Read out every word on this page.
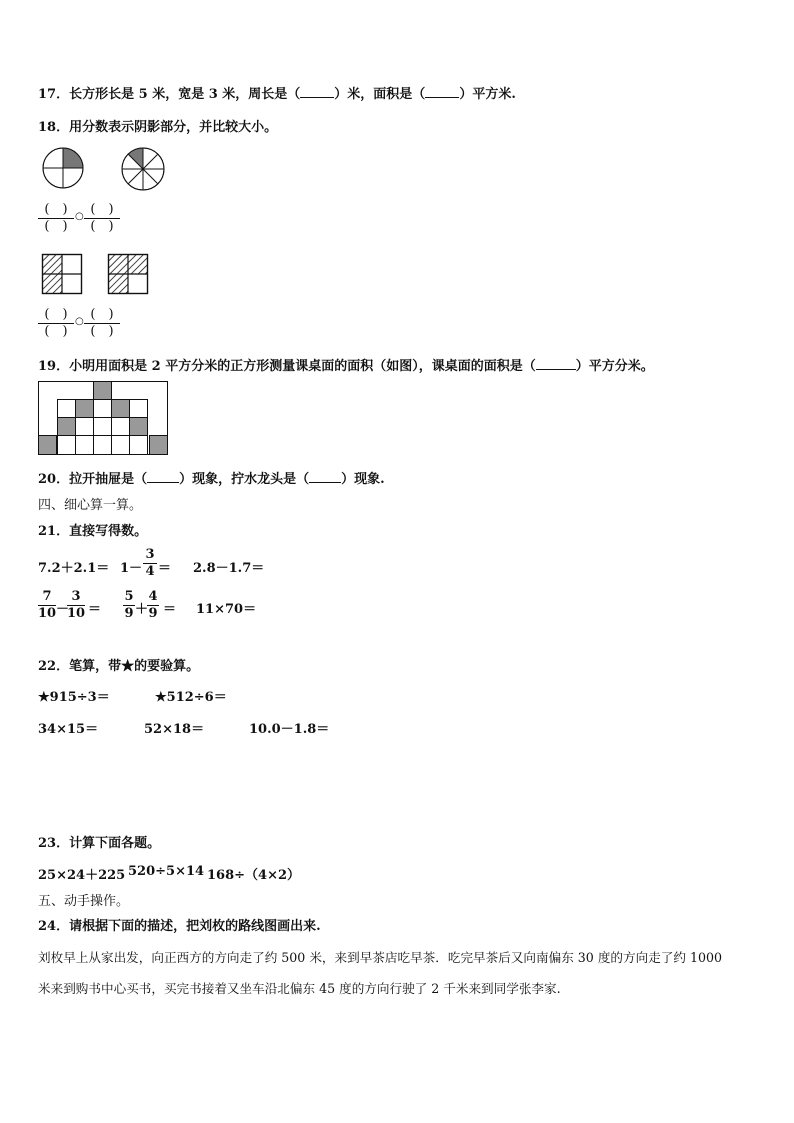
17．长方形长是 5 米，宽是 3 米，周长是（	）米，面积是（	）平方米.
18．用分数表示阴影部分，并比较大小。
(  )
(  )
○ (  )
(  )
(  )
(  )
○ (  )
(  )
19．小明用面积是 2 平方分米的正方形测量课桌面的面积（如图），课桌面的面积是（	）平方分米。
20．拉开抽屉是（ ）现象，拧水龙头是（ ）现象.
四、细心算一算。
21．直接写得数。
7.2＋2.1＝ 1－
3
4 ＝ 2.8－1.7＝
7
10 －
3
10 ＝
5
9 ＋
4
9 ＝ 11×70＝
22．笔算，带★的要验算。
★915÷3＝	★512÷6＝
34×15＝	52×18＝	10.0－1.8＝
23．计算下面各题。
25×24＋225 520÷5×14 168÷（4×2）
五、动手操作。
24．请根据下面的描述，把刘枚的路线图画出来.
刘枚早上从家出发，向正西方的方向走了约 500 米，来到早茶店吃早茶．吃完早茶后又向南偏东 30 度的方向走了约 1000
米来到购书中心买书，买完书接着又坐车沿北偏东 45 度的方向行驶了 2 千米来到同学张李家.
